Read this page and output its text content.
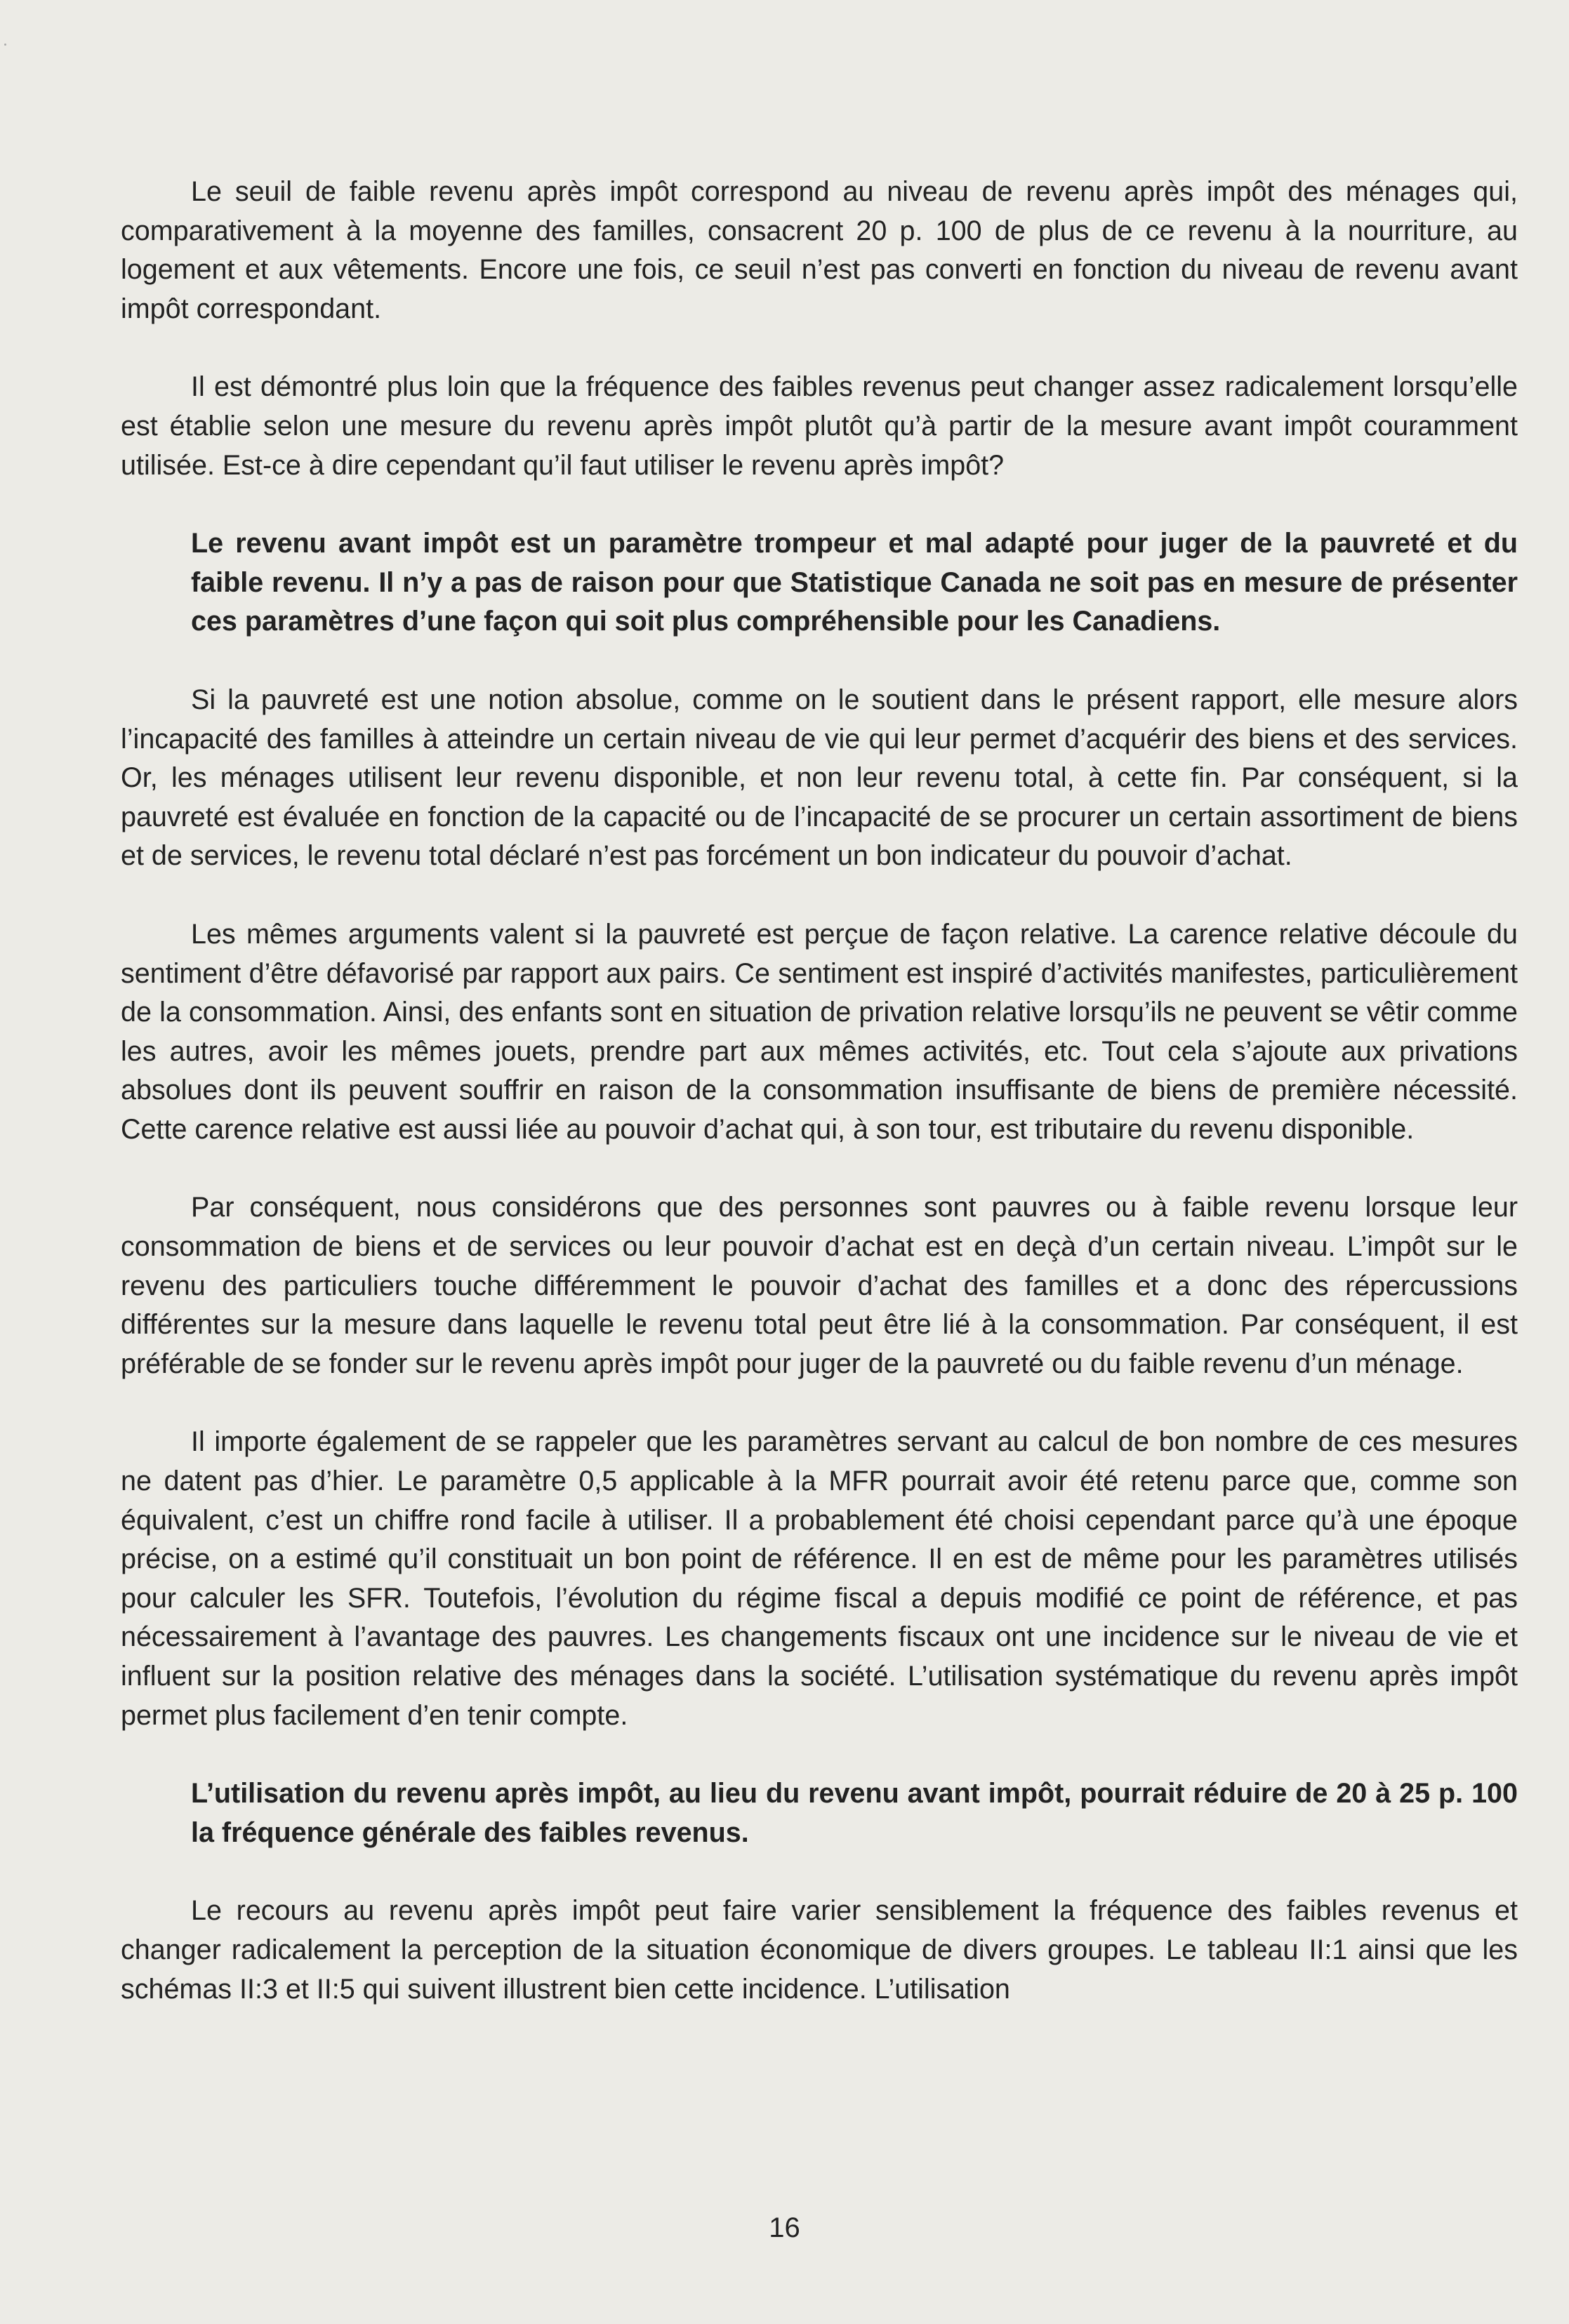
Le seuil de faible revenu après impôt correspond au niveau de revenu après impôt des ménages qui, comparativement à la moyenne des familles, consacrent 20 p. 100 de plus de ce revenu à la nourriture, au logement et aux vêtements. Encore une fois, ce seuil n’est pas converti en fonction du niveau de revenu avant impôt correspondant.

Il est démontré plus loin que la fréquence des faibles revenus peut changer assez radicalement lorsqu’elle est établie selon une mesure du revenu après impôt plutôt qu’à partir de la mesure avant impôt couramment utilisée. Est-ce à dire cependant qu’il faut utiliser le revenu après impôt?

Le revenu avant impôt est un paramètre trompeur et mal adapté pour juger de la pauvreté et du faible revenu. Il n’y a pas de raison pour que Statistique Canada ne soit pas en mesure de présenter ces paramètres d’une façon qui soit plus compréhensible pour les Canadiens.

Si la pauvreté est une notion absolue, comme on le soutient dans le présent rapport, elle mesure alors l’incapacité des familles à atteindre un certain niveau de vie qui leur permet d’acquérir des biens et des services. Or, les ménages utilisent leur revenu disponible, et non leur revenu total, à cette fin. Par conséquent, si la pauvreté est évaluée en fonction de la capacité ou de l’incapacité de se procurer un certain assortiment de biens et de services, le revenu total déclaré n’est pas forcément un bon indicateur du pouvoir d’achat.

Les mêmes arguments valent si la pauvreté est perçue de façon relative. La carence relative découle du sentiment d’être défavorisé par rapport aux pairs. Ce sentiment est inspiré d’activités manifestes, particulièrement de la consommation. Ainsi, des enfants sont en situation de privation relative lorsqu’ils ne peuvent se vêtir comme les autres, avoir les mêmes jouets, prendre part aux mêmes activités, etc. Tout cela s’ajoute aux privations absolues dont ils peuvent souffrir en raison de la consommation insuffisante de biens de première nécessité. Cette carence relative est aussi liée au pouvoir d’achat qui, à son tour, est tributaire du revenu disponible.

Par conséquent, nous considérons que des personnes sont pauvres ou à faible revenu lorsque leur consommation de biens et de services ou leur pouvoir d’achat est en deçà d’un certain niveau. L’impôt sur le revenu des particuliers touche différemment le pouvoir d’achat des familles et a donc des répercussions différentes sur la mesure dans laquelle le revenu total peut être lié à la consommation. Par conséquent, il est préférable de se fonder sur le revenu après impôt pour juger de la pauvreté ou du faible revenu d’un ménage.

Il importe également de se rappeler que les paramètres servant au calcul de bon nombre de ces mesures ne datent pas d’hier. Le paramètre 0,5 applicable à la MFR pourrait avoir été retenu parce que, comme son équivalent, c’est un chiffre rond facile à utiliser. Il a probablement été choisi cependant parce qu’à une époque précise, on a estimé qu’il constituait un bon point de référence. Il en est de même pour les paramètres utilisés pour calculer les SFR. Toutefois, l’évolution du régime fiscal a depuis modifié ce point de référence, et pas nécessairement à l’avantage des pauvres. Les changements fiscaux ont une incidence sur le niveau de vie et influent sur la position relative des ménages dans la société. L’utilisation systématique du revenu après impôt permet plus facilement d’en tenir compte.

L’utilisation du revenu après impôt, au lieu du revenu avant impôt, pourrait réduire de 20 à 25 p. 100 la fréquence générale des faibles revenus.

Le recours au revenu après impôt peut faire varier sensiblement la fréquence des faibles revenus et changer radicalement la perception de la situation économique de divers groupes. Le tableau II:1 ainsi que les schémas II:3 et II:5 qui suivent illustrent bien cette incidence. L’utilisation

16
